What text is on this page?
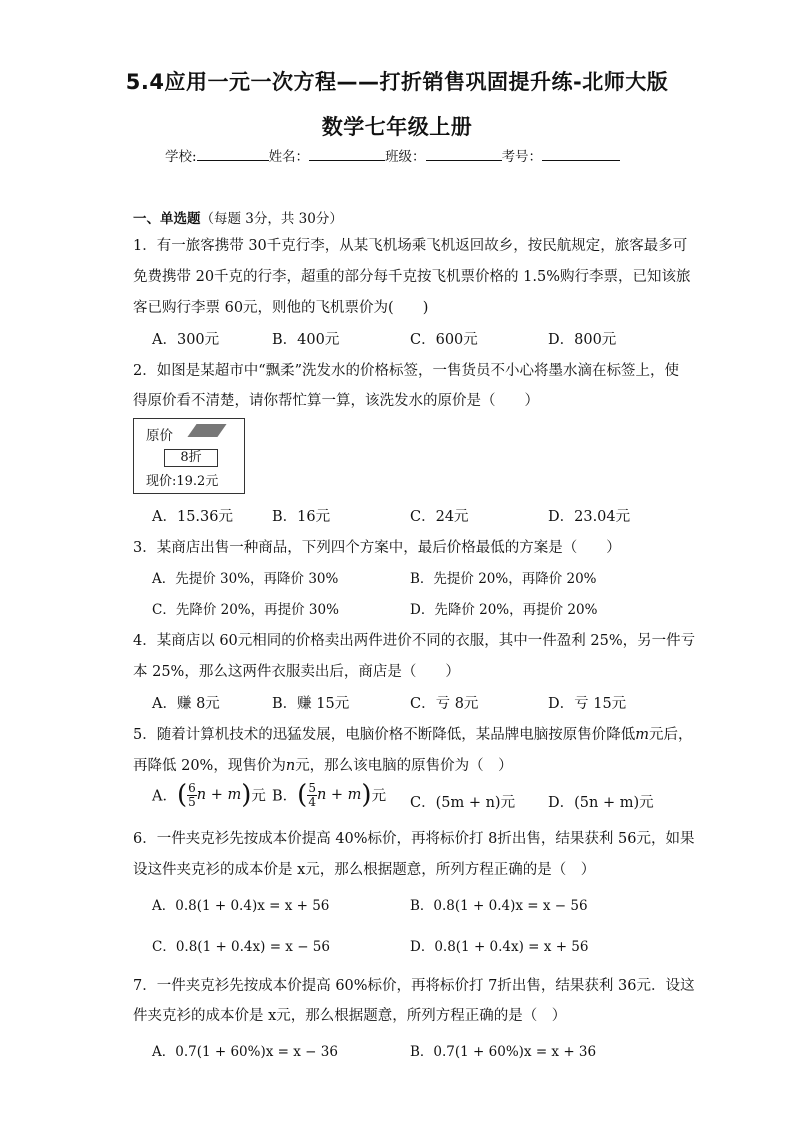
5.4应用一元一次方程——打折销售巩固提升练-北师大版
数学七年级上册
学校:	姓名：	班级：	考号：
一、单选题（每题 3分，共 30分）
1．有一旅客携带 30千克行李，从某飞机场乘飞机返回故乡，按民航规定，旅客最多可
免费携带 20千克的行李，超重的部分每千克按飞机票价格的 1.5%购行李票，已知该旅
客已购行李票 60元，则他的飞机票价为(　　)
A．300元	B．400元	C．600元	D．800元
2．如图是某超市中“飘柔”洗发水的价格标签，一售货员不小心将墨水滴在标签上，使
得原价看不清楚，请你帮忙算一算，该洗发水的原价是（　　）
原价
8折
现价:19.2元
A．15.36元	B．16元	C．24元	D．23.04元
3．某商店出售一种商品，下列四个方案中，最后价格最低的方案是（　　）
A．先提价 30%，再降价 30%	B．先提价 20%，再降价 20%
C．先降价 20%，再提价 30%	D．先降价 20%，再提价 20%
4．某商店以 60元相同的价格卖出两件进价不同的衣服，其中一件盈利 25%，另一件亏
本 25%，那么这两件衣服卖出后，商店是（　　）
A．赚 8元	B．赚 15元	C．亏 8元	D．亏 15元
5．随着计算机技术的迅猛发展，电脑价格不断降低，某品牌电脑按原售价降低m元后，
再降低 20%，现售价为n元，那么该电脑的原售价为（　）
A．( $\frac{6}{5}$ n + m)元 B．( $\frac{5}{4}$ n + m)元 C．(5m + n)元 D．(5n + m)元
6．一件夹克衫先按成本价提高 40%标价，再将标价打 8折出售，结果获利 56元，如果
设这件夹克衫的成本价是 x元，那么根据题意，所列方程正确的是（　）
A．0.8(1 + 0.4)x = x + 56	B．0.8(1 + 0.4)x = x − 56
C．0.8(1 + 0.4x) = x − 56	D．0.8(1 + 0.4x) = x + 56
7．一件夹克衫先按成本价提高 60%标价，再将标价打 7折出售，结果获利 36元．设这
件夹克衫的成本价是 x元，那么根据题意，所列方程正确的是（　）
A．0.7(1 + 60%)x = x − 36	B．0.7(1 + 60%)x = x + 36
